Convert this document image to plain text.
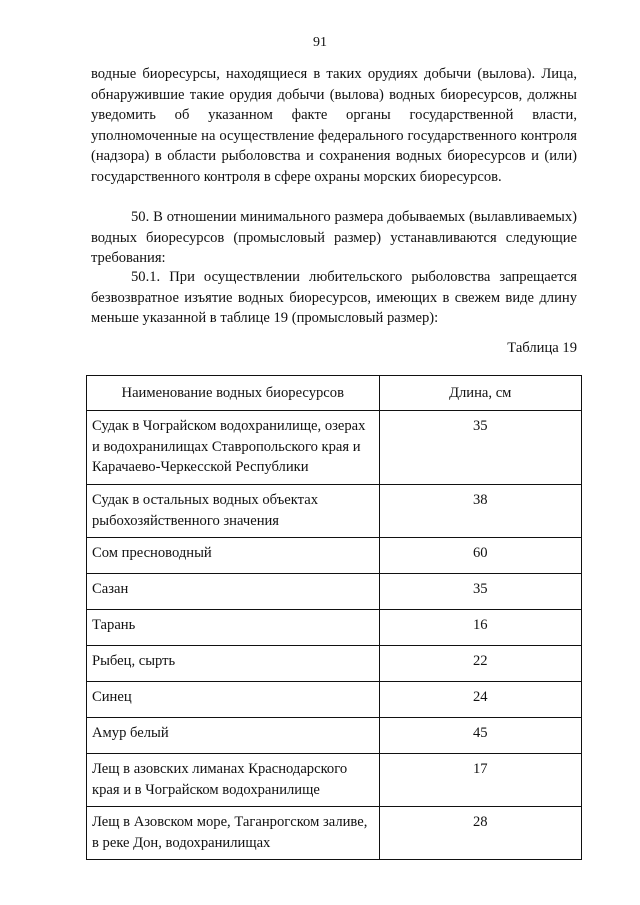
91

водные биоресурсы, находящиеся в таких орудиях добычи (вылова). Лица, обнаружившие такие орудия добычи (вылова) водных биоресурсов, должны уведомить об указанном факте органы государственной власти, уполномоченные на осуществление федерального государственного контроля (надзора) в области рыболовства и сохранения водных биоресурсов и (или) государственного контроля в сфере охраны морских биоресурсов.

50. В отношении минимального размера добываемых (вылавливаемых) водных биоресурсов (промысловый размер) устанавливаются следующие требования:

50.1. При осуществлении любительского рыболовства запрещается безвозвратное изъятие водных биоресурсов, имеющих в свежем виде длину меньше указанной в таблице 19 (промысловый размер):

Таблица 19
Наименование водных биоресурсов	Длина, см
Судак в Чограйском водохранилище, озерах и водохранилищах Ставропольского края и Карачаево-Черкесской Республики	35
Судак в остальных водных объектах рыбохозяйственного значения	38
Сом пресноводный	60
Сазан	35
Тарань	16
Рыбец, сырть	22
Синец	24
Амур белый	45
Лещ в азовских лиманах Краснодарского края и в Чограйском водохранилище	17
Лещ в Азовском море, Таганрогском заливе, в реке Дон, водохранилищах	28
